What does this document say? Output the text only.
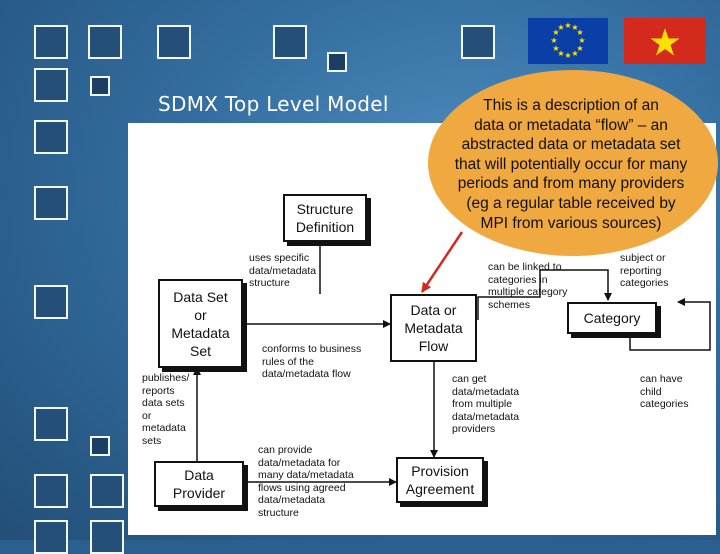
★ ★
★
★
★
★
★
★
★
★
★
★
SDMX Top Level Model
Structure
Definition
Data Set
or
Metadata
Set
Data or
Metadata
Flow
Category
Data
Provider
Provision
Agreement
uses specific
data/metadata
structure
conforms to business
rules of the
data/metadata flow
publishes/
reports
data sets
or
metadata
sets
can provide
data/metadata for
many data/metadata
flows using agreed
data/metadata
structure
can get
data/metadata
from multiple
data/metadata
providers
can be linked to
categories in
multiple category
schemes
subject or
reporting
categories
can have
child
categories
This is a description of an
data or metadata “flow” – an
abstracted data or metadata set
that will potentially occur for many
periods and from many providers
(eg a regular table received by
MPI from various sources)
